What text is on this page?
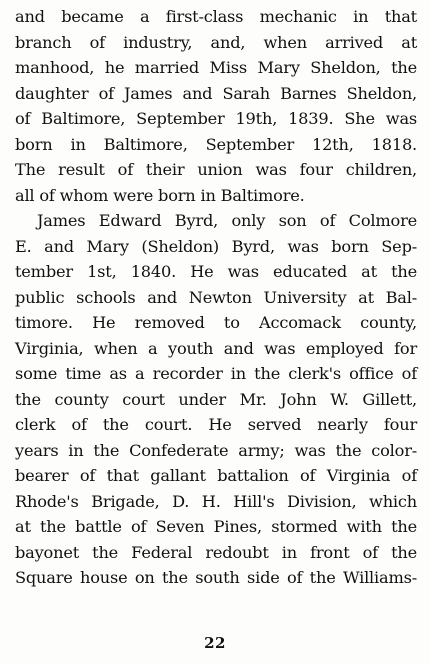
and became a first-class mechanic in that
branch of industry, and, when arrived at
manhood, he married Miss Mary Sheldon, the
daughter of James and Sarah Barnes Sheldon,
of Baltimore, September 19th, 1839. She was
born in Baltimore, September 12th, 1818.
The result of their union was four children,
all of whom were born in Baltimore.
James Edward Byrd, only son of Colmore
E. and Mary (Sheldon) Byrd, was born Sep-
tember 1st, 1840. He was educated at the
public schools and Newton University at Bal-
timore. He removed to Accomack county,
Virginia, when a youth and was employed for
some time as a recorder in the clerk's office of
the county court under Mr. John W. Gillett,
clerk of the court. He served nearly four
years in the Confederate army; was the color-
bearer of that gallant battalion of Virginia of
Rhode's Brigade, D. H. Hill's Division, which
at the battle of Seven Pines, stormed with the
bayonet the Federal redoubt in front of the
Square house on the south side of the Williams-
22
